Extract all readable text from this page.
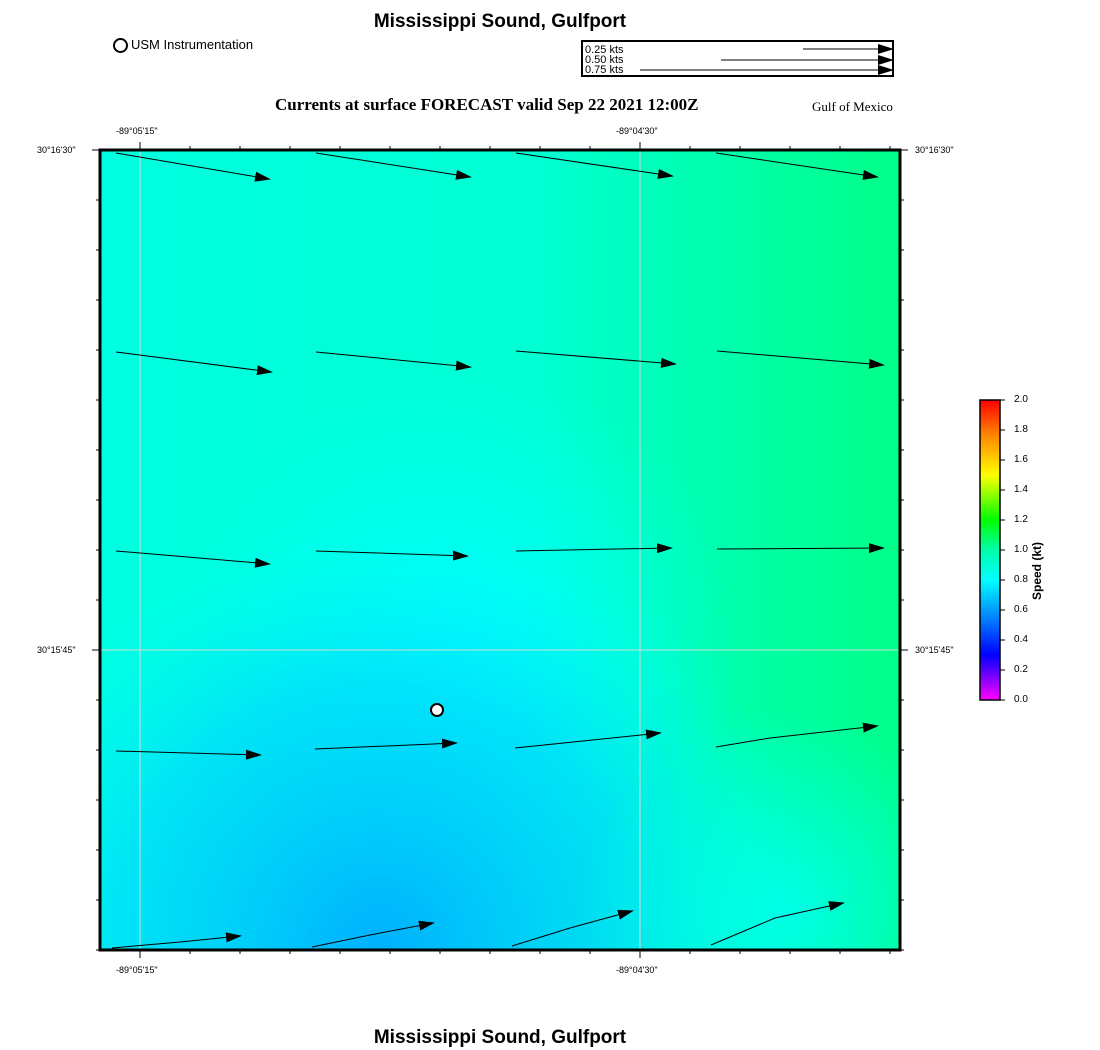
Mississippi Sound, Gulfport
USM Instrumentation	0.25 kts
0.50 kts
0.75 kts
Currents at surface FORECAST valid Sep 22 2021 12:00Z	Gulf of Mexico
-89°05'15"	-89°04'30"
-89°05'15"	-89°04'30"
30°16'30"
30°15'45"
30°16'30"
30°15'45"
2.0
1.8
1.6
1.4
1.2
1.0
0.8
0.6
0.4
0.2
0.0
Speed (kt)
Mississippi Sound, Gulfport
